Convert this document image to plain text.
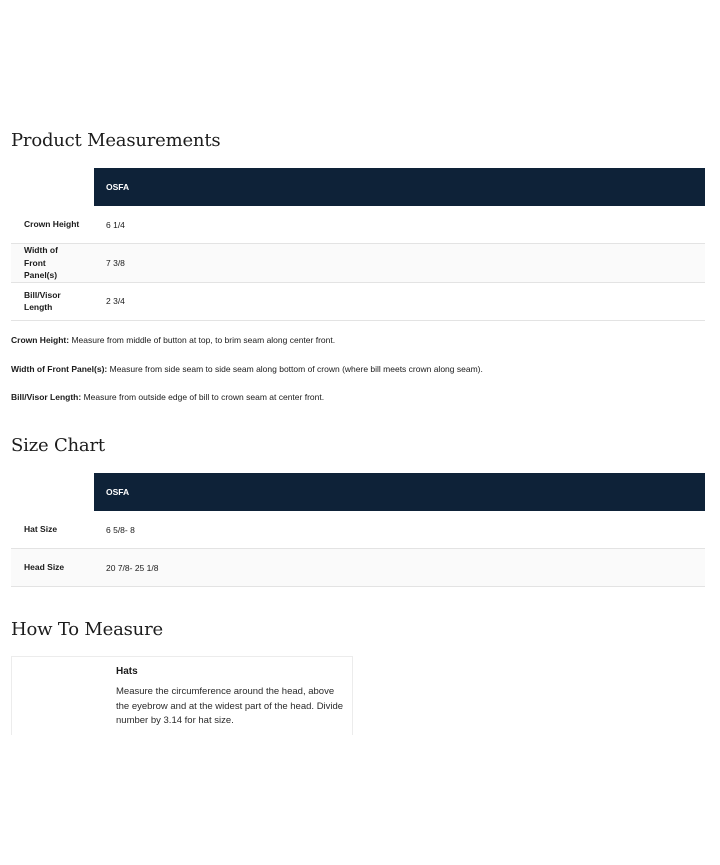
Product Measurements
	OSFA
Crown Height	6 1/4

Width of Front Panel(s)	7 3/8

Bill/Visor Length	2 3/4

Crown Height: Measure from middle of button at top, to brim seam along center front.

Width of Front Panel(s): Measure from side seam to side seam along bottom of crown (where bill meets crown along seam).

Bill/Visor Length: Measure from outside edge of bill to crown seam at center front.

Size Chart
	OSFA
Hat Size	6 5/8- 8
Head Size	20 7/8- 25 1/8
How To Measure

Hats

Measure the circumference around the head, above the eyebrow and at the widest part of the head. Divide number by 3.14 for hat size.
